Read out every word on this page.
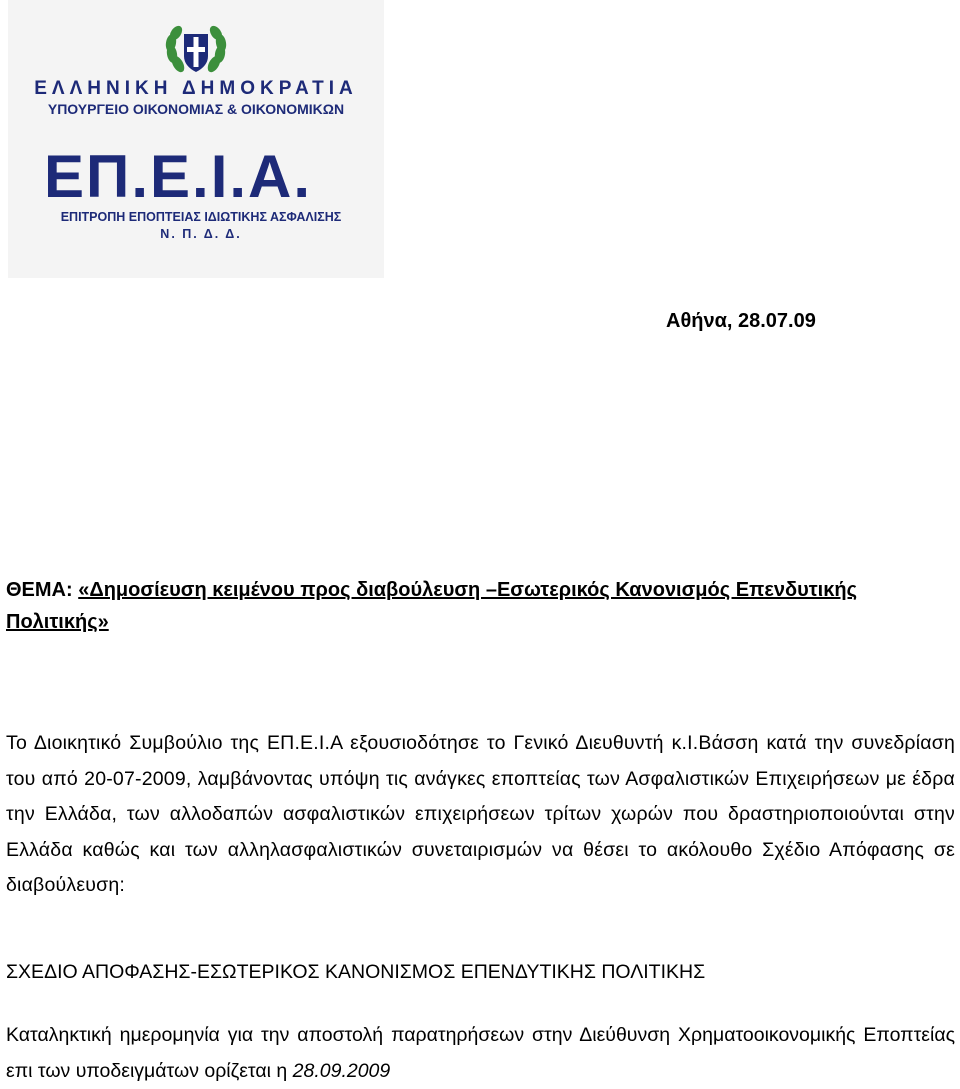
ΕΛΛΗΝΙΚΗ ΔΗΜΟΚΡΑΤΙΑ
ΥΠΟΥΡΓΕΙΟ ΟΙΚΟΝΟΜΙΑΣ & ΟΙΚΟΝΟΜΙΚΩΝ
ΕΠ.Ε.Ι.Α.
ΕΠΙΤΡΟΠΗ ΕΠΟΠΤΕΙΑΣ ΙΔΙΩΤΙΚΗΣ ΑΣΦΑΛΙΣΗΣ
Ν. Π. Δ. Δ.
Αθήνα, 28.07.09
ΘΕΜΑ: «Δημοσίευση κειμένου προς διαβούλευση –Εσωτερικός Κανονισμός Επενδυτικής Πολιτικής»
Το Διοικητικό Συμβούλιο της ΕΠ.Ε.Ι.Α εξουσιοδότησε το Γενικό Διευθυντή κ.Ι.Βάσση κατά την συνεδρίαση του από 20-07-2009, λαμβάνοντας υπόψη τις ανάγκες εποπτείας των Ασφαλιστικών Επιχειρήσεων με έδρα την Ελλάδα, των αλλοδαπών ασφαλιστικών επιχειρήσεων τρίτων χωρών που δραστηριοποιούνται στην Ελλάδα καθώς και των αλληλασφαλιστικών συνεταιρισμών να θέσει το ακόλουθο Σχέδιο Απόφασης σε διαβούλευση:
ΣΧΕΔΙΟ ΑΠΟΦΑΣΗΣ-ΕΣΩΤΕΡΙΚΟΣ ΚΑΝΟΝΙΣΜΟΣ ΕΠΕΝΔΥΤΙΚΗΣ ΠΟΛΙΤΙΚΗΣ
Καταληκτική ημερομηνία για την αποστολή παρατηρήσεων στην Διεύθυνση Χρηματοοικονομικής Εποπτείας επι των υποδειγμάτων ορίζεται η 28.09.2009
